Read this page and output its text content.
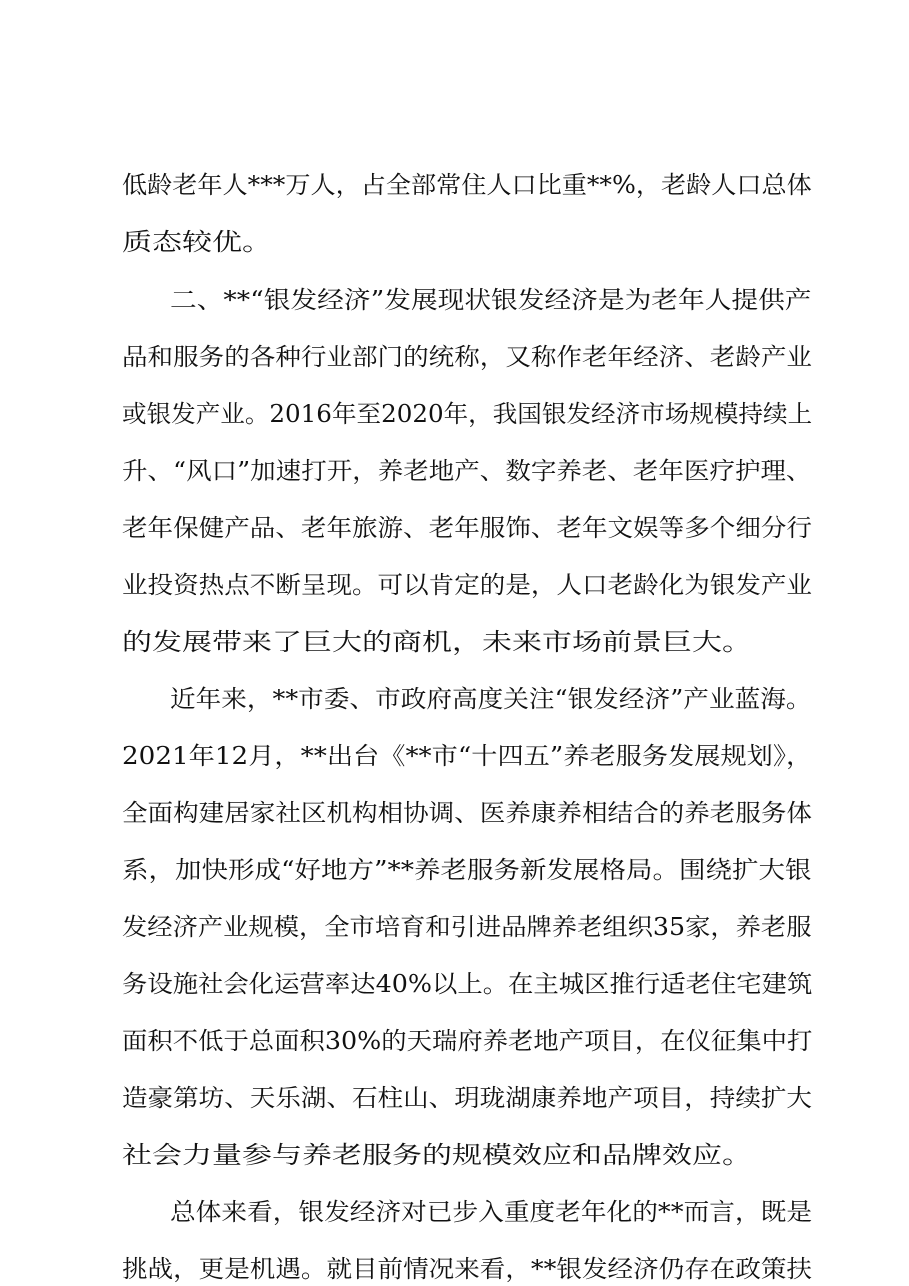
低龄老年人***万人，占全部常住人口比重**%，老龄人口总体
质态较优。
二、**“银发经济”发展现状银发经济是为老年人提供产
品和服务的各种行业部门的统称，又称作老年经济、老龄产业
或银发产业。2016年至2020年，我国银发经济市场规模持续上
升、“风口”加速打开，养老地产、数字养老、老年医疗护理、
老年保健产品、老年旅游、老年服饰、老年文娱等多个细分行
业投资热点不断呈现。可以肯定的是，人口老龄化为银发产业
的发展带来了巨大的商机，未来市场前景巨大。
近年来，**市委、市政府高度关注“银发经济”产业蓝海。
2021年12月，**出台《**市“十四五”养老服务发展规划》，
全面构建居家社区机构相协调、医养康养相结合的养老服务体
系，加快形成“好地方”**养老服务新发展格局。围绕扩大银
发经济产业规模，全市培育和引进品牌养老组织35家，养老服
务设施社会化运营率达40%以上。在主城区推行适老住宅建筑
面积不低于总面积30%的天瑞府养老地产项目，在仪征集中打
造豪第坊、天乐湖、石柱山、玥珑湖康养地产项目，持续扩大
社会力量参与养老服务的规模效应和品牌效应。
总体来看，银发经济对已步入重度老年化的**而言，既是
挑战，更是机遇。就目前情况来看，**银发经济仍存在政策扶
